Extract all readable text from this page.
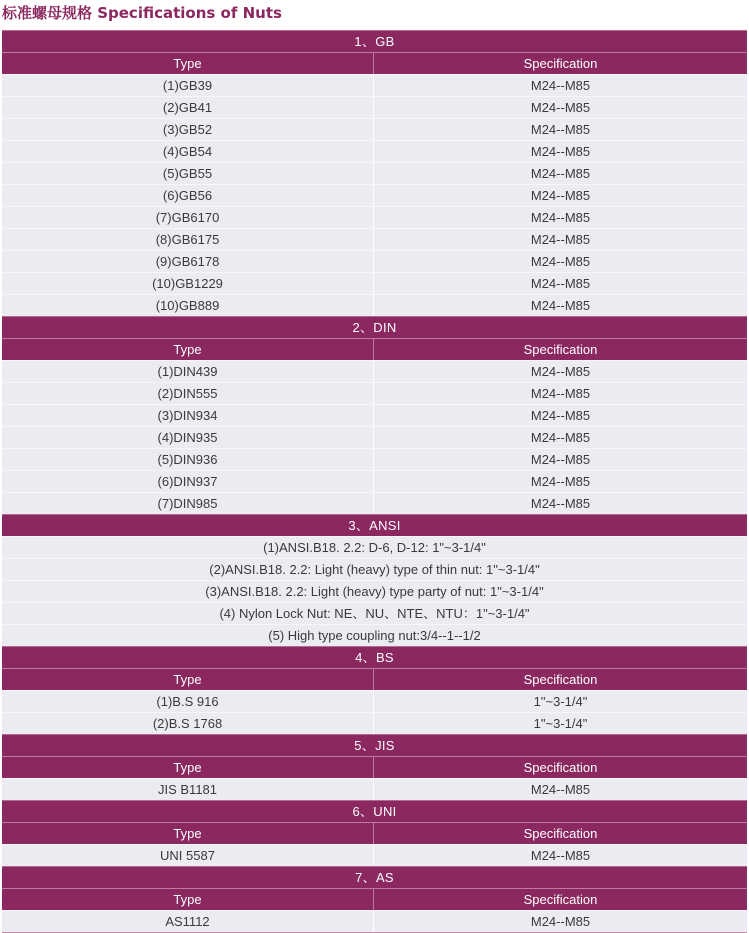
标准螺母规格 Specifications of Nuts
1、GB
Type	Specification
(1)GB39	M24--M85
(2)GB41	M24--M85
(3)GB52	M24--M85
(4)GB54	M24--M85
(5)GB55	M24--M85
(6)GB56	M24--M85
(7)GB6170	M24--M85
(8)GB6175	M24--M85
(9)GB6178	M24--M85
(10)GB1229	M24--M85
(10)GB889	M24--M85
2、DIN
Type	Specification
(1)DIN439	M24--M85
(2)DIN555	M24--M85
(3)DIN934	M24--M85
(4)DIN935	M24--M85
(5)DIN936	M24--M85
(6)DIN937	M24--M85
(7)DIN985	M24--M85
3、ANSI
(1)ANSI.B18. 2.2: D-6, D-12: 1"~3-1/4"
(2)ANSI.B18. 2.2: Light (heavy) type of thin nut: 1"~3-1/4"
(3)ANSI.B18. 2.2: Light (heavy) type party of nut: 1"~3-1/4"
(4) Nylon Lock Nut: NE、NU、NTE、NTU：1"~3-1/4"
(5) High type coupling nut:3/4--1--1/2
4、BS
Type	Specification
(1)B.S 916	1"~3-1/4"
(2)B.S 1768	1"~3-1/4"
5、JIS
Type	Specification
JIS B1181	M24--M85
6、UNI
Type	Specification
UNI 5587	M24--M85
7、AS
Type	Specification
AS1112	M24--M85
